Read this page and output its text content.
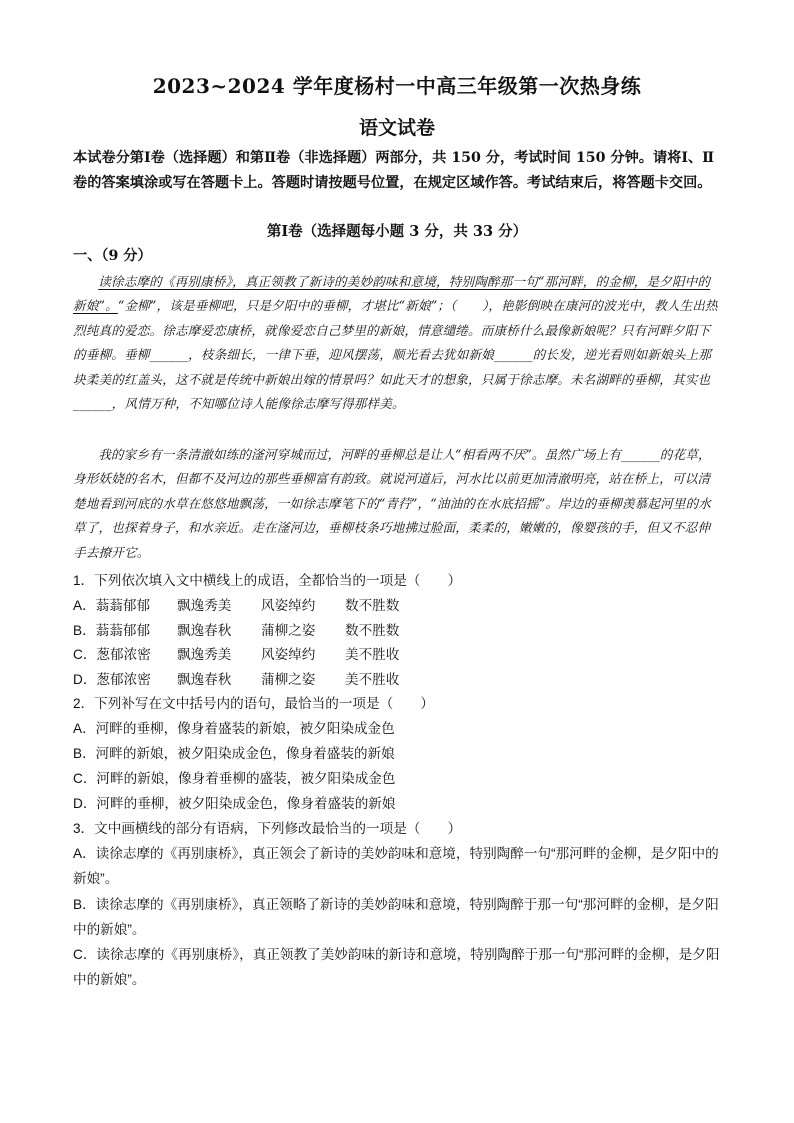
2023~2024 学年度杨村一中高三年级第一次热身练
语文试卷
本试卷分第Ⅰ卷（选择题）和第Ⅱ卷（非选择题）两部分，共 150 分，考试时间 150 分钟。请将Ⅰ、Ⅱ卷的答案填涂或写在答题卡上。答题时请按题号位置，在规定区域作答。考试结束后，将答题卡交回。
第Ⅰ卷（选择题每小题 3 分，共 33 分）
一、（9 分）

读徐志摩的《再别康桥》，真正领教了新诗的美妙韵味和意境，特别陶醉那一句“那河畔，的金柳，是夕阳中的新娘”。“金柳”，该是垂柳吧，只是夕阳中的垂柳，才堪比“新娘”；（　　），艳影倒映在康河的波光中，教人生出热烈纯真的爱恋。徐志摩爱恋康桥，就像爱恋自己梦里的新娘，情意缱绻。而康桥什么最像新娘呢？只有河畔夕阳下的垂柳。垂柳______，枝条细长，一律下垂，迎风摆荡，顺光看去犹如新娘______的长发，逆光看则如新娘头上那块柔美的红盖头，这不就是传统中新娘出嫁的情景吗？如此天才的想象，只属于徐志摩。未名湖畔的垂柳，其实也______，风情万种，不知哪位诗人能像徐志摩写得那样美。

我的家乡有一条清澈如练的滏河穿城而过，河畔的垂柳总是让人“相看两不厌”。虽然广场上有______的花草，身形妖娆的名木，但都不及河边的那些垂柳富有韵致。就说河道后，河水比以前更加清澈明亮，站在桥上，可以清楚地看到河底的水草在悠悠地飘荡，一如徐志摩笔下的“青荇”，“油油的在水底招摇”。岸边的垂柳羡慕起河里的水草了，也探着身子，和水亲近。走在滏河边，垂柳枝条巧地拂过脸面，柔柔的，嫩嫩的，像婴孩的手，但又不忍伸手去撩开它。

1．下列依次填入文中横线上的成语，全都恰当的一项是（　　）
A．蓊蓊郁郁 飘逸秀美 风姿绰约 数不胜数
B．蓊蓊郁郁 飘逸春秋 蒲柳之姿 数不胜数
C．葱郁浓密 飘逸秀美 风姿绰约 美不胜收
D．葱郁浓密 飘逸春秋 蒲柳之姿 美不胜收
2．下列补写在文中括号内的语句，最恰当的一项是（　　）
A．河畔的垂柳，像身着盛装的新娘，被夕阳染成金色
B．河畔的新娘，被夕阳染成金色，像身着盛装的新娘
C．河畔的新娘，像身着垂柳的盛装，被夕阳染成金色
D．河畔的垂柳，被夕阳染成金色，像身着盛装的新娘
3．文中画横线的部分有语病，下列修改最恰当的一项是（　　）
A．读徐志摩的《再别康桥》，真正领会了新诗的美妙韵味和意境，特别陶醉一句“那河畔的金柳，是夕阳中的新娘”。
B．读徐志摩的《再别康桥》，真正领略了新诗的美妙韵味和意境，特别陶醉于那一句“那河畔的金柳，是夕阳中的新娘”。
C．读徐志摩的《再别康桥》，真正领教了美妙韵味的新诗和意境，特别陶醉于那一句“那河畔的金柳，是夕阳中的新娘”。
